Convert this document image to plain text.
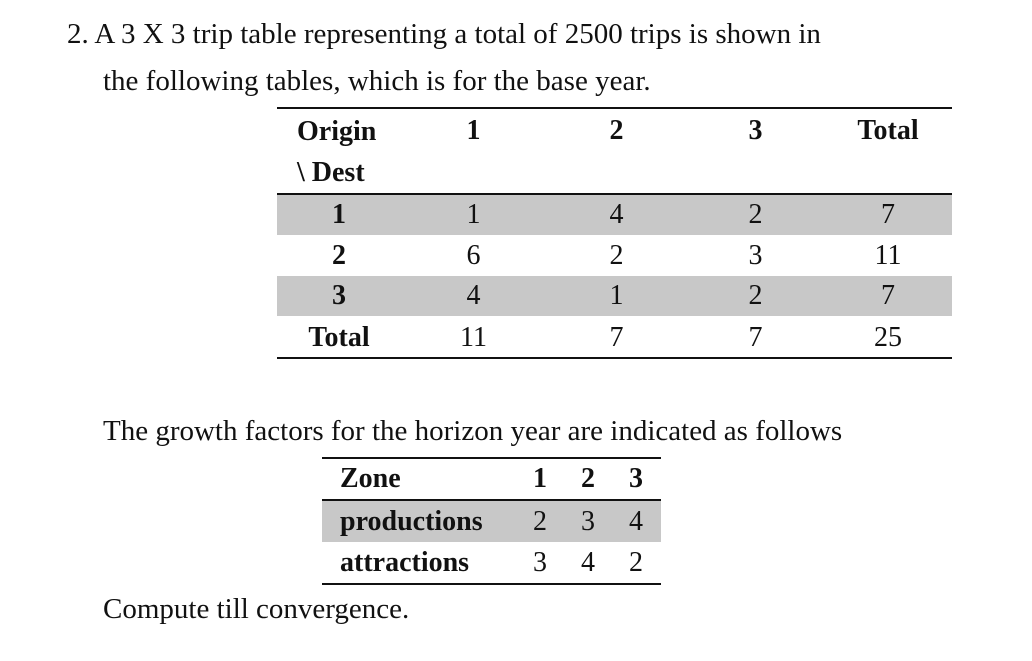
2. A 3 X 3 trip table representing a total of 2500 trips is shown in
the following tables, which is for the base year.
Origin
\ Dest	1	2	3	Total
1	1	4	2	7
2	6	2	3	11
3	4	1	2	7
Total	11	7	7	25
The growth factors for the horizon year are indicated as follows
Zone	1	2	3
productions	2	3	4
attractions	3	4	2
Compute till convergence.
